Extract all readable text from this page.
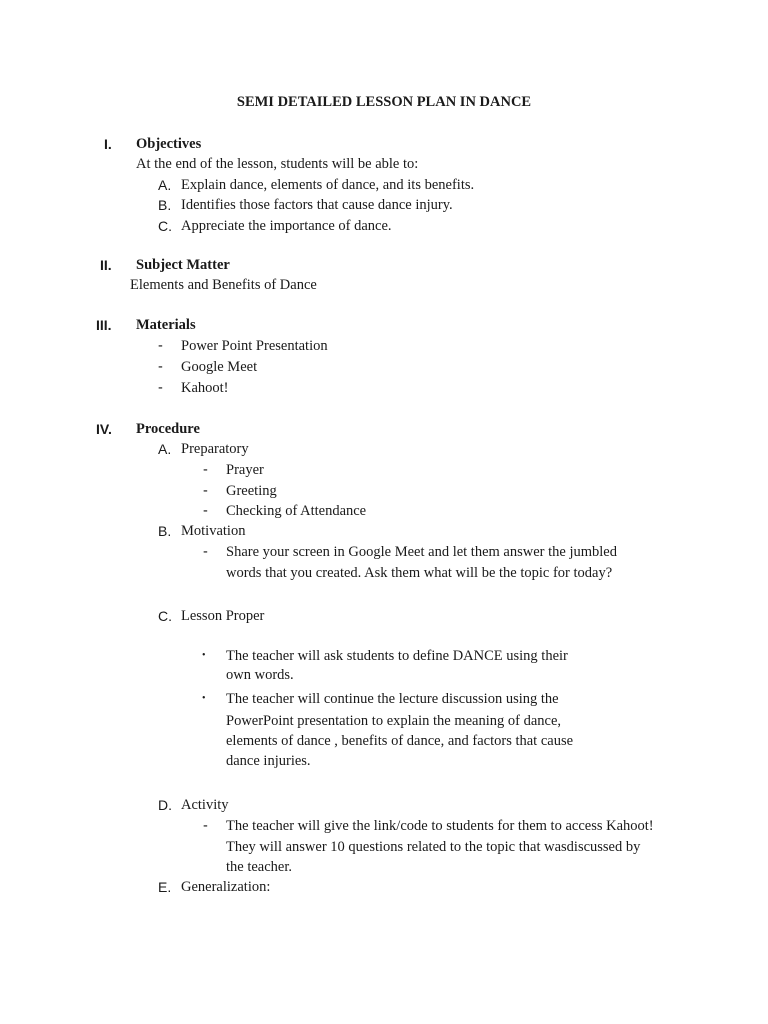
SEMI DETAILED LESSON PLAN IN DANCE
I. Objectives
At the end of the lesson, students will be able to:
A. Explain dance, elements of dance, and its benefits.
B. Identifies those factors that cause dance injury.
C. Appreciate the importance of dance.
II. Subject Matter
Elements and Benefits of Dance
III. Materials
- Power Point Presentation
- Google Meet
- Kahoot!
IV. Procedure
A. Preparatory
- Prayer
- Greeting
- Checking of Attendance
B. Motivation
- Share your screen in Google Meet and let them answer the jumbled
words that you created. Ask them what will be the topic for today?
C. Lesson Proper
• The teacher will ask students to define DANCE using their
own words.
• The teacher will continue the lecture discussion using the
PowerPoint presentation to explain the meaning of dance,
elements of dance , benefits of dance, and factors that cause
dance injuries.
D. Activity
- The teacher will give the link/code to students for them to access Kahoot!
They will answer 10 questions related to the topic that wasdiscussed by
the teacher.
E. Generalization:
